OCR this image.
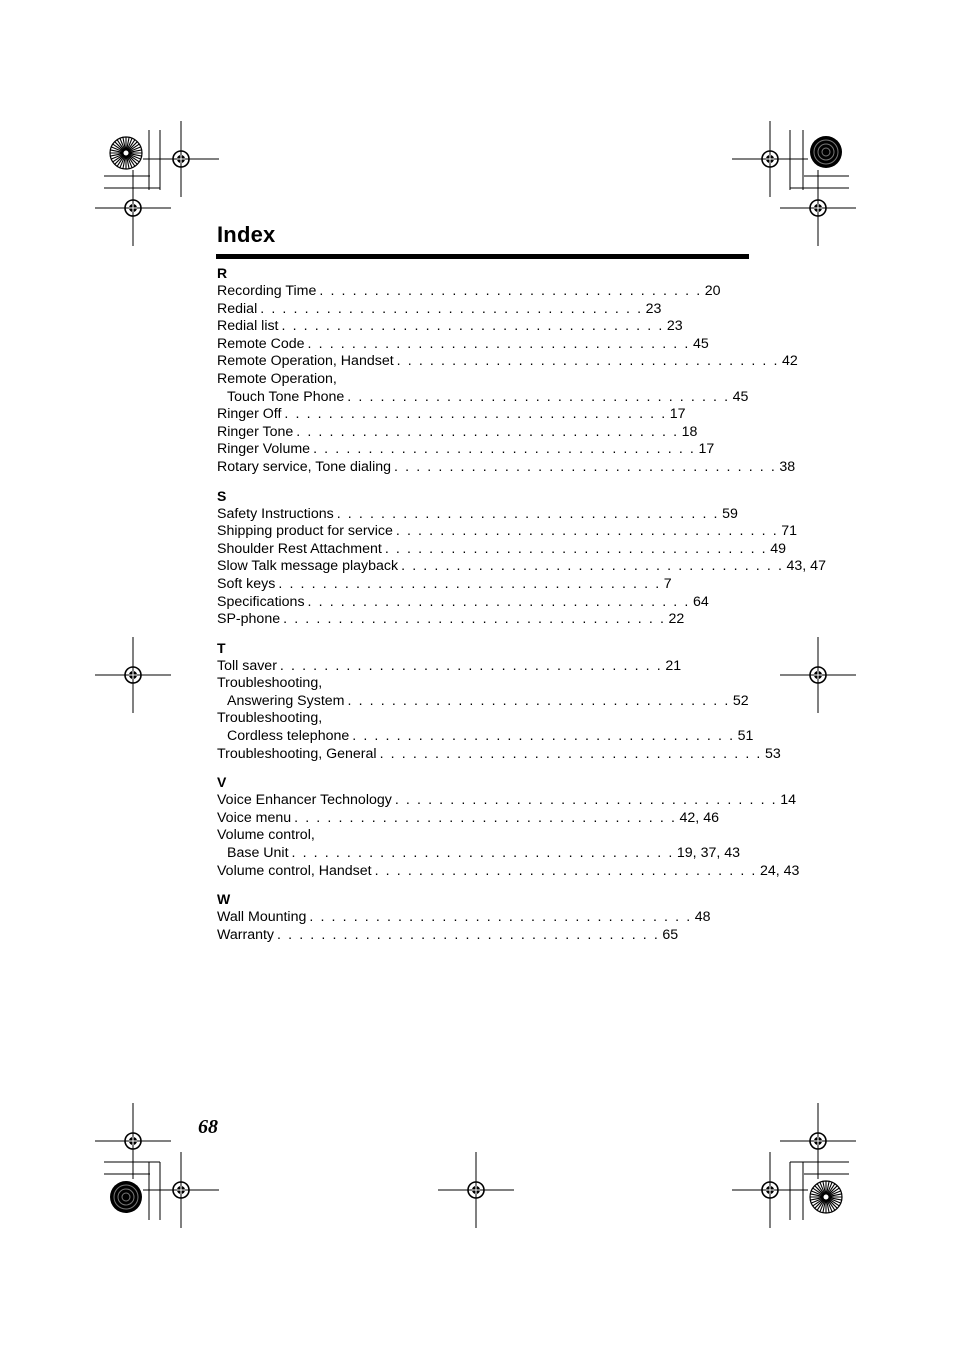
Index
R
Recording Time . . . . . . . . . . . . . . . . . . . . . . . . . . . . . . . . . . . 20
Redial . . . . . . . . . . . . . . . . . . . . . . . . . . . . . . . . . . . 23
Redial list . . . . . . . . . . . . . . . . . . . . . . . . . . . . . . . . . . . 23
Remote Code . . . . . . . . . . . . . . . . . . . . . . . . . . . . . . . . . . . 45
Remote Operation, Handset . . . . . . . . . . . . . . . . . . . . . . . . . . . . . . . . . . . 42
Remote Operation,
Touch Tone Phone . . . . . . . . . . . . . . . . . . . . . . . . . . . . . . . . . . . 45
Ringer Off . . . . . . . . . . . . . . . . . . . . . . . . . . . . . . . . . . . 17
Ringer Tone . . . . . . . . . . . . . . . . . . . . . . . . . . . . . . . . . . . 18
Ringer Volume . . . . . . . . . . . . . . . . . . . . . . . . . . . . . . . . . . . 17
Rotary service, Tone dialing . . . . . . . . . . . . . . . . . . . . . . . . . . . . . . . . . . . 38
S
Safety Instructions . . . . . . . . . . . . . . . . . . . . . . . . . . . . . . . . . . . 59
Shipping product for service . . . . . . . . . . . . . . . . . . . . . . . . . . . . . . . . . . . 71
Shoulder Rest Attachment . . . . . . . . . . . . . . . . . . . . . . . . . . . . . . . . . . . 49
Slow Talk message playback . . . . . . . . . . . . . . . . . . . . . . . . . . . . . . . . . . . 43, 47
Soft keys . . . . . . . . . . . . . . . . . . . . . . . . . . . . . . . . . . . 7
Specifications . . . . . . . . . . . . . . . . . . . . . . . . . . . . . . . . . . . 64
SP-phone . . . . . . . . . . . . . . . . . . . . . . . . . . . . . . . . . . . 22
T
Toll saver . . . . . . . . . . . . . . . . . . . . . . . . . . . . . . . . . . . 21
Troubleshooting,
Answering System . . . . . . . . . . . . . . . . . . . . . . . . . . . . . . . . . . . 52
Troubleshooting,
Cordless telephone . . . . . . . . . . . . . . . . . . . . . . . . . . . . . . . . . . . 51
Troubleshooting, General . . . . . . . . . . . . . . . . . . . . . . . . . . . . . . . . . . . 53
V
Voice Enhancer Technology . . . . . . . . . . . . . . . . . . . . . . . . . . . . . . . . . . . 14
Voice menu . . . . . . . . . . . . . . . . . . . . . . . . . . . . . . . . . . . 42, 46
Volume control,
Base Unit . . . . . . . . . . . . . . . . . . . . . . . . . . . . . . . . . . . 19, 37, 43
Volume control, Handset . . . . . . . . . . . . . . . . . . . . . . . . . . . . . . . . . . . 24, 43
W
Wall Mounting . . . . . . . . . . . . . . . . . . . . . . . . . . . . . . . . . . . 48
Warranty . . . . . . . . . . . . . . . . . . . . . . . . . . . . . . . . . . . 65
68
